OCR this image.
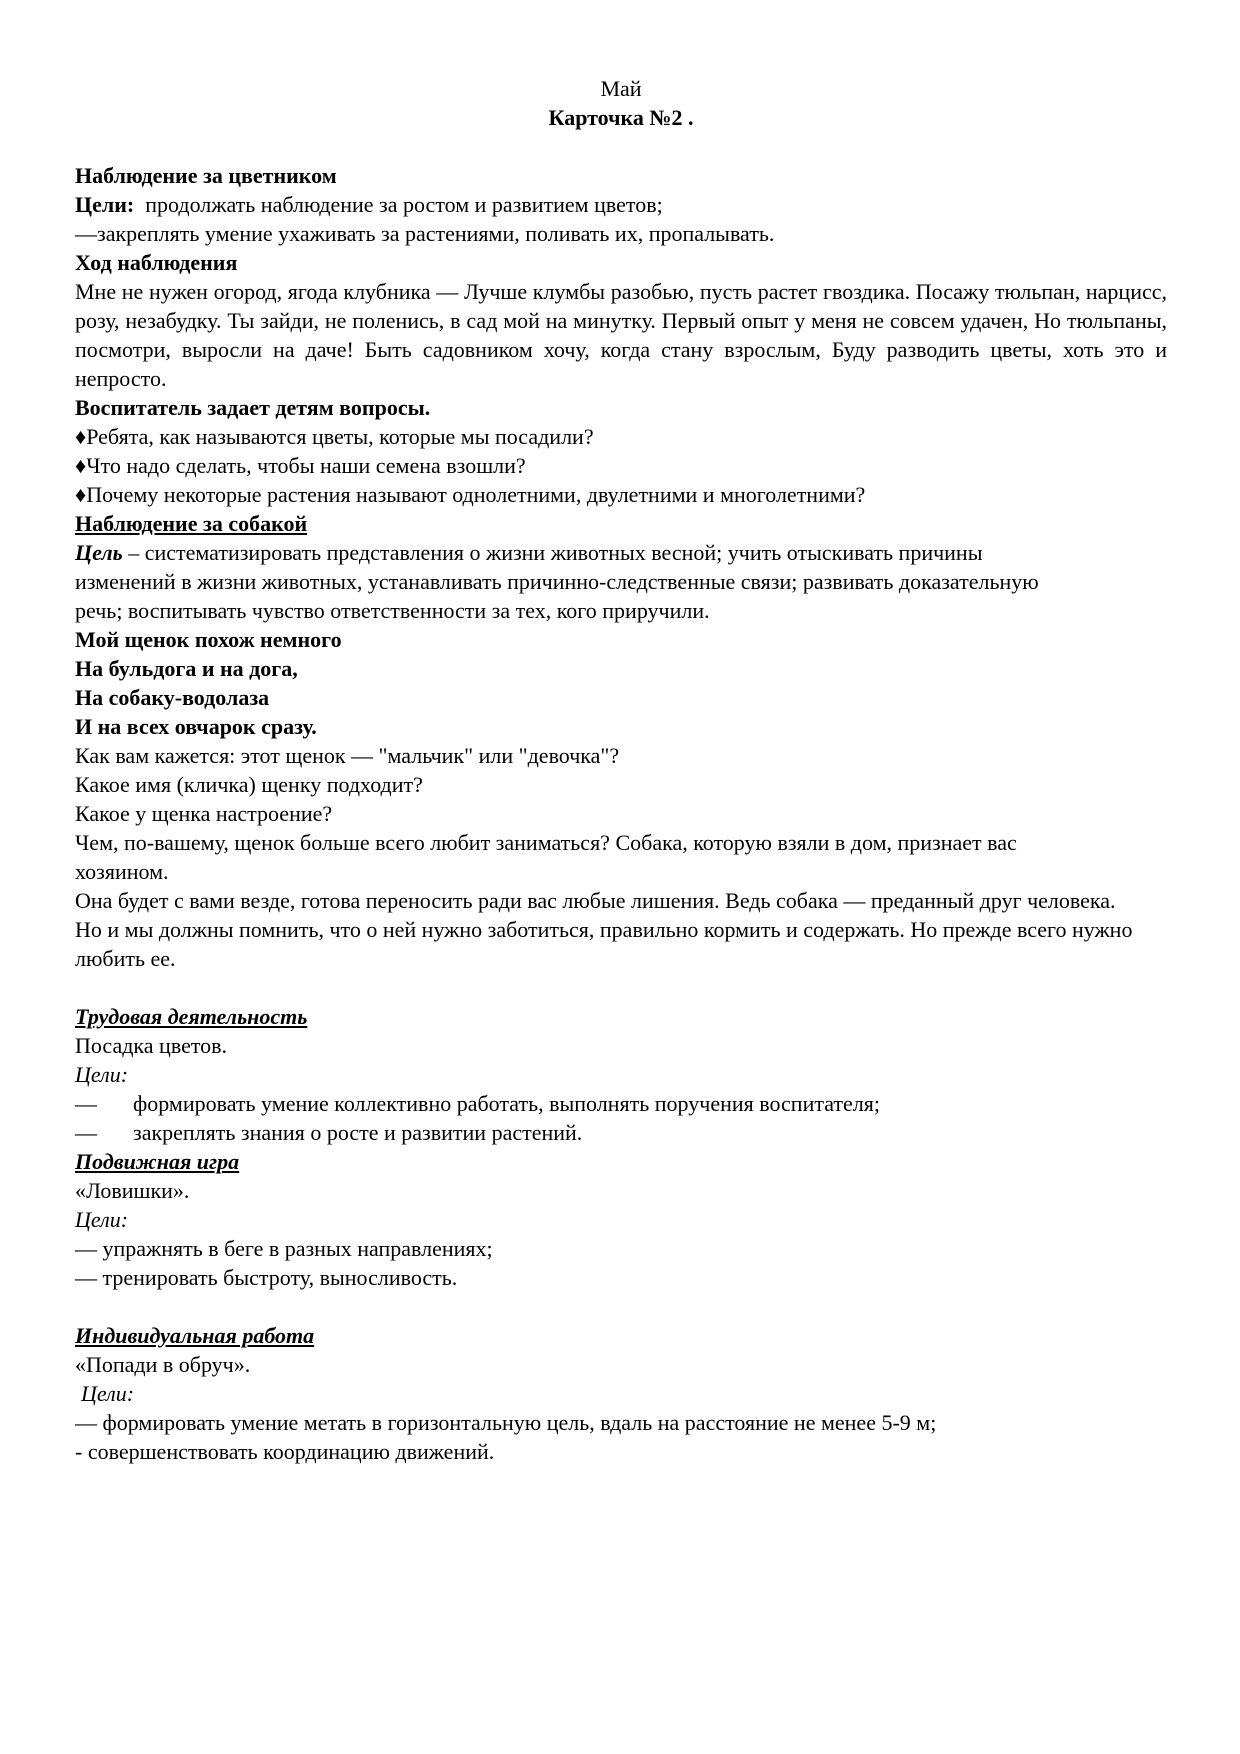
Май

Карточка №2 .

Наблюдение за цветником

Цели:  продолжать наблюдение за ростом и развитием цветов;

—закреплять умение ухаживать за растениями, поливать их, пропалывать.

Ход наблюдения

Мне не нужен огород, ягода клубника — Лучше клумбы разобью, пусть растет гвоздика. Посажу тюльпан, нарцисс, розу, незабудку. Ты зайди, не поленись, в сад мой на минутку. Первый опыт у меня не совсем удачен, Но тюльпаны, посмотри, выросли на даче! Быть садовником хочу, когда стану взрослым, Буду разводить цветы, хоть это и непросто.

Воспитатель задает детям вопросы.

♦Ребята, как называются цветы, которые мы посадили?

♦Что надо сделать, чтобы наши семена взошли?

♦Почему некоторые растения называют однолетними, двулетними и многолетними?

Наблюдение за собакой

Цель – систематизировать представления о жизни животных весной; учить отыскивать причины изменений в жизни животных, устанавливать причинно-следственные связи; развивать доказательную речь; воспитывать чувство ответственности за тех, кого приручили.

Мой щенок похож немного

На бульдога и на дога,

На собаку-водолаза

И на всех овчарок сразу.

Как вам кажется: этот щенок — "мальчик" или "девочка"?

Какое имя (кличка) щенку подходит?

Какое у щенка настроение?

Чем, по-вашему, щенок больше всего любит заниматься? Собака, которую взяли в дом, признает вас хозяином.

Она будет с вами везде, готова переносить ради вас любые лишения. Ведь собака — преданный друг человека. Но и мы должны помнить, что о ней нужно заботиться, правильно кормить и содержать. Но прежде всего нужно любить ее.

Трудовая деятельность

Посадка цветов.

Цели:

—	формировать умение коллективно работать, выполнять поручения воспитателя;
—	закреплять знания о росте и развитии растений.

Подвижная игра

«Ловишки».

Цели:

— упражнять в беге в разных направлениях;

— тренировать быстроту, выносливость.

Индивидуальная работа

«Попади в обруч».

Цели:

— формировать умение метать в горизонтальную цель, вдаль на расстояние не менее 5-9 м;

- совершенствовать координацию движений.
